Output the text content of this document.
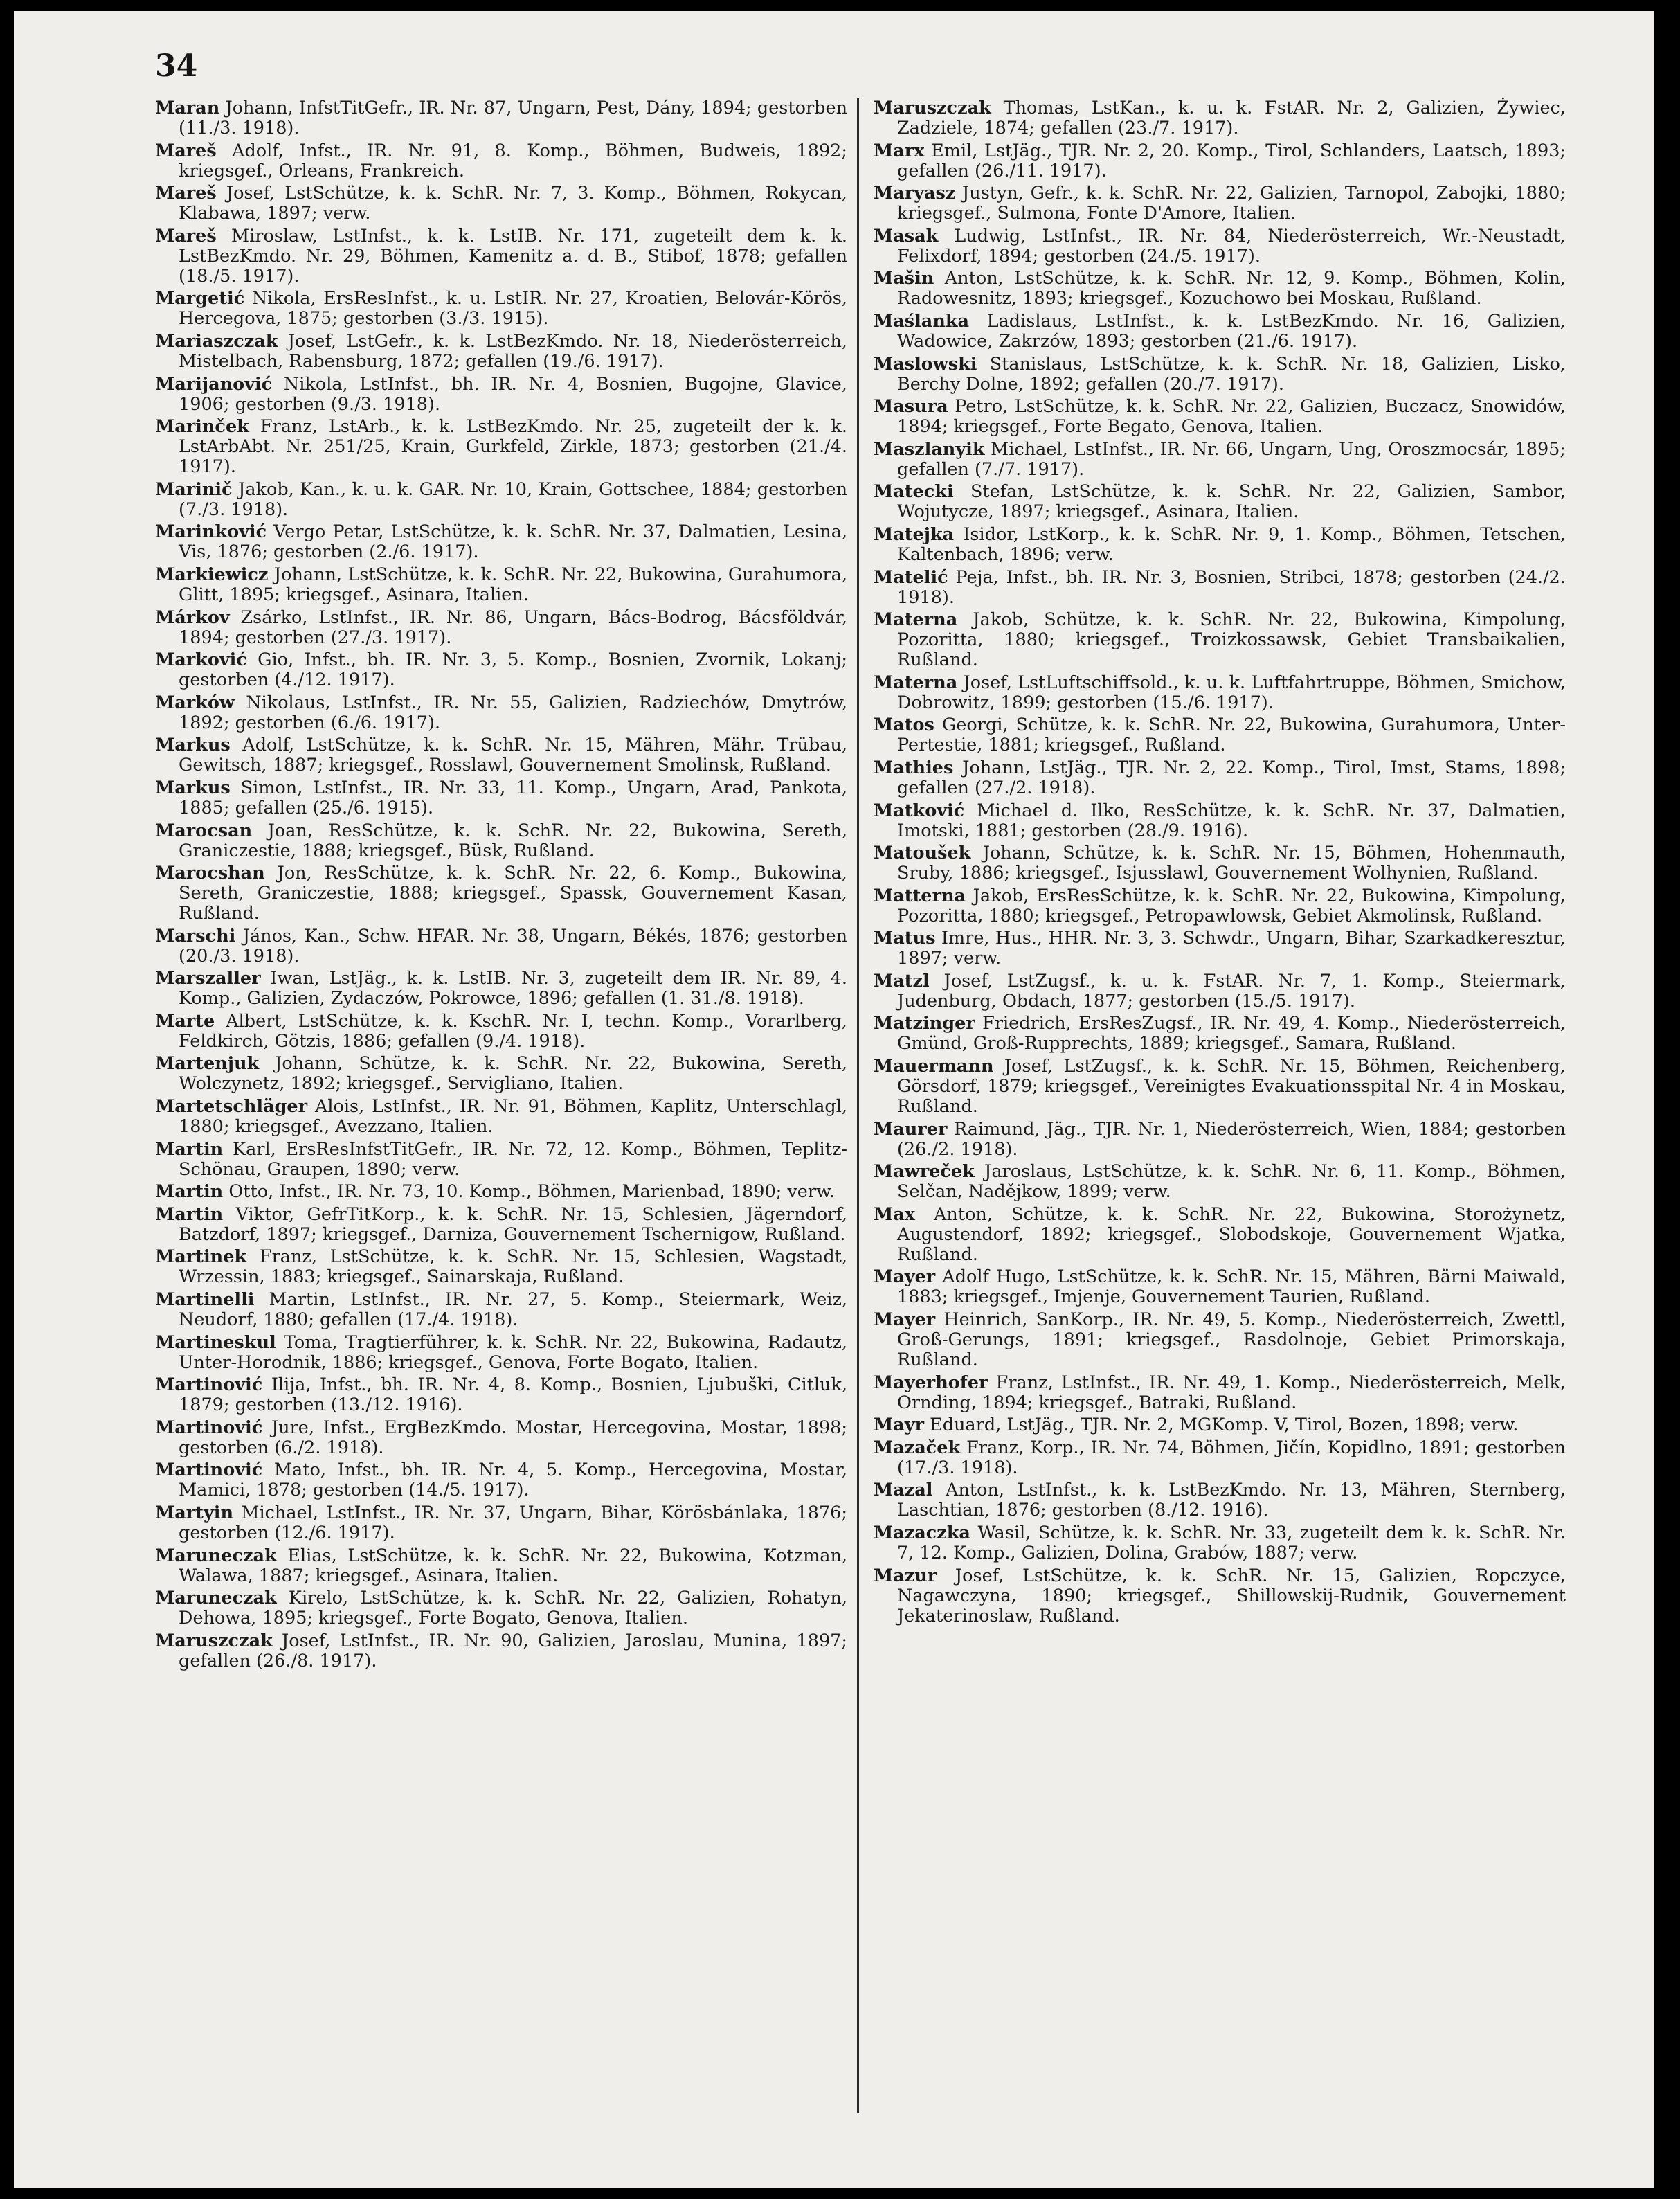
34

Maran Johann, InfstTitGefr., IR. Nr. 87, Ungarn, Pest, Dány, 1894; gestorben (11./3. 1918).

Mareš Adolf, Infst., IR. Nr. 91, 8. Komp., Böhmen, Budweis, 1892; kriegsgef., Orleans, Frankreich.

Mareš Josef, LstSchütze, k. k. SchR. Nr. 7, 3. Komp., Böhmen, Rokycan, Klabawa, 1897; verw.

Mareš Miroslaw, LstInfst., k. k. LstIB. Nr. 171, zugeteilt dem k. k. LstBezKmdo. Nr. 29, Böhmen, Kamenitz a. d. B., Stibof, 1878; gefallen (18./5. 1917).

Margetić Nikola, ErsResInfst., k. u. LstIR. Nr. 27, Kroatien, Belovár-Körös, Hercegova, 1875; gestorben (3./3. 1915).

Mariaszczak Josef, LstGefr., k. k. LstBezKmdo. Nr. 18, Niederösterreich, Mistelbach, Rabensburg, 1872; gefallen (19./6. 1917).

Marijanović Nikola, LstInfst., bh. IR. Nr. 4, Bosnien, Bugojne, Glavice, 1906; gestorben (9./3. 1918).

Marinček Franz, LstArb., k. k. LstBezKmdo. Nr. 25, zugeteilt der k. k. LstArbAbt. Nr. 251/25, Krain, Gurkfeld, Zirkle, 1873; gestorben (21./4. 1917).

Marinič Jakob, Kan., k. u. k. GAR. Nr. 10, Krain, Gottschee, 1884; gestorben (7./3. 1918).

Marinković Vergo Petar, LstSchütze, k. k. SchR. Nr. 37, Dalmatien, Lesina, Vis, 1876; gestorben (2./6. 1917).

Markiewicz Johann, LstSchütze, k. k. SchR. Nr. 22, Bukowina, Gurahumora, Glitt, 1895; kriegsgef., Asinara, Italien.

Márkov Zsárko, LstInfst., IR. Nr. 86, Ungarn, Bács-Bodrog, Bácsföldvár, 1894; gestorben (27./3. 1917).

Marković Gio, Infst., bh. IR. Nr. 3, 5. Komp., Bosnien, Zvornik, Lokanj; gestorben (4./12. 1917).

Marków Nikolaus, LstInfst., IR. Nr. 55, Galizien, Radziechów, Dmytrów, 1892; gestorben (6./6. 1917).

Markus Adolf, LstSchütze, k. k. SchR. Nr. 15, Mähren, Mähr. Trübau, Gewitsch, 1887; kriegsgef., Rosslawl, Gouvernement Smolinsk, Rußland.

Markus Simon, LstInfst., IR. Nr. 33, 11. Komp., Ungarn, Arad, Pankota, 1885; gefallen (25./6. 1915).

Marocsan Joan, ResSchütze, k. k. SchR. Nr. 22, Bukowina, Sereth, Graniczestie, 1888; kriegsgef., Büsk, Rußland.

Marocshan Jon, ResSchütze, k. k. SchR. Nr. 22, 6. Komp., Bukowina, Sereth, Graniczestie, 1888; kriegsgef., Spassk, Gouvernement Kasan, Rußland.

Marschi János, Kan., Schw. HFAR. Nr. 38, Ungarn, Békés, 1876; gestorben (20./3. 1918).

Marszaller Iwan, LstJäg., k. k. LstIB. Nr. 3, zugeteilt dem IR. Nr. 89, 4. Komp., Galizien, Zydaczów, Pokrowce, 1896; gefallen (1. 31./8. 1918).

Marte Albert, LstSchütze, k. k. KschR. Nr. I, techn. Komp., Vorarlberg, Feldkirch, Götzis, 1886; gefallen (9./4. 1918).

Martenjuk Johann, Schütze, k. k. SchR. Nr. 22, Bukowina, Sereth, Wolczynetz, 1892; kriegsgef., Servigliano, Italien.

Martetschläger Alois, LstInfst., IR. Nr. 91, Böhmen, Kaplitz, Unterschlagl, 1880; kriegsgef., Avezzano, Italien.

Martin Karl, ErsResInfstTitGefr., IR. Nr. 72, 12. Komp., Böhmen, Teplitz-Schönau, Graupen, 1890; verw.

Martin Otto, Infst., IR. Nr. 73, 10. Komp., Böhmen, Marienbad, 1890; verw.

Martin Viktor, GefrTitKorp., k. k. SchR. Nr. 15, Schlesien, Jägerndorf, Batzdorf, 1897; kriegsgef., Darniza, Gouvernement Tschernigow, Rußland.

Martinek Franz, LstSchütze, k. k. SchR. Nr. 15, Schlesien, Wagstadt, Wrzessin, 1883; kriegsgef., Sainarskaja, Rußland.

Martinelli Martin, LstInfst., IR. Nr. 27, 5. Komp., Steiermark, Weiz, Neudorf, 1880; gefallen (17./4. 1918).

Martineskul Toma, Tragtierführer, k. k. SchR. Nr. 22, Bukowina, Radautz, Unter-Horodnik, 1886; kriegsgef., Genova, Forte Bogato, Italien.

Martinović Ilija, Infst., bh. IR. Nr. 4, 8. Komp., Bosnien, Ljubuški, Citluk, 1879; gestorben (13./12. 1916).

Martinović Jure, Infst., ErgBezKmdo. Mostar, Hercegovina, Mostar, 1898; gestorben (6./2. 1918).

Martinović Mato, Infst., bh. IR. Nr. 4, 5. Komp., Hercegovina, Mostar, Mamici, 1878; gestorben (14./5. 1917).

Martyin Michael, LstInfst., IR. Nr. 37, Ungarn, Bihar, Körösbánlaka, 1876; gestorben (12./6. 1917).

Maruneczak Elias, LstSchütze, k. k. SchR. Nr. 22, Bukowina, Kotzman, Walawa, 1887; kriegsgef., Asinara, Italien.

Maruneczak Kirelo, LstSchütze, k. k. SchR. Nr. 22, Galizien, Rohatyn, Dehowa, 1895; kriegsgef., Forte Bogato, Genova, Italien.

Maruszczak Josef, LstInfst., IR. Nr. 90, Galizien, Jaroslau, Munina, 1897; gefallen (26./8. 1917).

Maruszczak Thomas, LstKan., k. u. k. FstAR. Nr. 2, Galizien, Żywiec, Zadziele, 1874; gefallen (23./7. 1917).

Marx Emil, LstJäg., TJR. Nr. 2, 20. Komp., Tirol, Schlanders, Laatsch, 1893; gefallen (26./11. 1917).

Maryasz Justyn, Gefr., k. k. SchR. Nr. 22, Galizien, Tarnopol, Zabojki, 1880; kriegsgef., Sulmona, Fonte D'Amore, Italien.

Masak Ludwig, LstInfst., IR. Nr. 84, Niederösterreich, Wr.-Neustadt, Felixdorf, 1894; gestorben (24./5. 1917).

Mašin Anton, LstSchütze, k. k. SchR. Nr. 12, 9. Komp., Böhmen, Kolin, Radowesnitz, 1893; kriegsgef., Kozuchowo bei Moskau, Rußland.

Maślanka Ladislaus, LstInfst., k. k. LstBezKmdo. Nr. 16, Galizien, Wadowice, Zakrzów, 1893; gestorben (21./6. 1917).

Maslowski Stanislaus, LstSchütze, k. k. SchR. Nr. 18, Galizien, Lisko, Berchy Dolne, 1892; gefallen (20./7. 1917).

Masura Petro, LstSchütze, k. k. SchR. Nr. 22, Galizien, Buczacz, Snowidów, 1894; kriegsgef., Forte Begato, Genova, Italien.

Maszlanyik Michael, LstInfst., IR. Nr. 66, Ungarn, Ung, Oroszmocsár, 1895; gefallen (7./7. 1917).

Matecki Stefan, LstSchütze, k. k. SchR. Nr. 22, Galizien, Sambor, Wojutycze, 1897; kriegsgef., Asinara, Italien.

Matejka Isidor, LstKorp., k. k. SchR. Nr. 9, 1. Komp., Böhmen, Tetschen, Kaltenbach, 1896; verw.

Matelić Peja, Infst., bh. IR. Nr. 3, Bosnien, Stribci, 1878; gestorben (24./2. 1918).

Materna Jakob, Schütze, k. k. SchR. Nr. 22, Bukowina, Kimpolung, Pozoritta, 1880; kriegsgef., Troizkossawsk, Gebiet Transbaikalien, Rußland.

Materna Josef, LstLuftschiffsold., k. u. k. Luftfahrtruppe, Böhmen, Smichow, Dobrowitz, 1899; gestorben (15./6. 1917).

Matos Georgi, Schütze, k. k. SchR. Nr. 22, Bukowina, Gurahumora, Unter-Pertestie, 1881; kriegsgef., Rußland.

Mathies Johann, LstJäg., TJR. Nr. 2, 22. Komp., Tirol, Imst, Stams, 1898; gefallen (27./2. 1918).

Matković Michael d. Ilko, ResSchütze, k. k. SchR. Nr. 37, Dalmatien, Imotski, 1881; gestorben (28./9. 1916).

Matoušek Johann, Schütze, k. k. SchR. Nr. 15, Böhmen, Hohenmauth, Sruby, 1886; kriegsgef., Isjusslawl, Gouvernement Wolhynien, Rußland.

Matterna Jakob, ErsResSchütze, k. k. SchR. Nr. 22, Bukowina, Kimpolung, Pozoritta, 1880; kriegsgef., Petropawlowsk, Gebiet Akmolinsk, Rußland.

Matus Imre, Hus., HHR. Nr. 3, 3. Schwdr., Ungarn, Bihar, Szarkadkeresztur, 1897; verw.

Matzl Josef, LstZugsf., k. u. k. FstAR. Nr. 7, 1. Komp., Steiermark, Judenburg, Obdach, 1877; gestorben (15./5. 1917).

Matzinger Friedrich, ErsResZugsf., IR. Nr. 49, 4. Komp., Niederösterreich, Gmünd, Groß-Rupprechts, 1889; kriegsgef., Samara, Rußland.

Mauermann Josef, LstZugsf., k. k. SchR. Nr. 15, Böhmen, Reichenberg, Görsdorf, 1879; kriegsgef., Vereinigtes Evakuationsspital Nr. 4 in Moskau, Rußland.

Maurer Raimund, Jäg., TJR. Nr. 1, Niederösterreich, Wien, 1884; gestorben (26./2. 1918).

Mawreček Jaroslaus, LstSchütze, k. k. SchR. Nr. 6, 11. Komp., Böhmen, Selčan, Nadějkow, 1899; verw.

Max Anton, Schütze, k. k. SchR. Nr. 22, Bukowina, Storożynetz, Augustendorf, 1892; kriegsgef., Slobodskoje, Gouvernement Wjatka, Rußland.

Mayer Adolf Hugo, LstSchütze, k. k. SchR. Nr. 15, Mähren, Bärni Maiwald, 1883; kriegsgef., Imjenje, Gouvernement Taurien, Rußland.

Mayer Heinrich, SanKorp., IR. Nr. 49, 5. Komp., Niederösterreich, Zwettl, Groß-Gerungs, 1891; kriegsgef., Rasdolnoje, Gebiet Primorskaja, Rußland.

Mayerhofer Franz, LstInfst., IR. Nr. 49, 1. Komp., Niederösterreich, Melk, Ornding, 1894; kriegsgef., Batraki, Rußland.

Mayr Eduard, LstJäg., TJR. Nr. 2, MGKomp. V, Tirol, Bozen, 1898; verw.

Mazaček Franz, Korp., IR. Nr. 74, Böhmen, Jičín, Kopidlno, 1891; gestorben (17./3. 1918).

Mazal Anton, LstInfst., k. k. LstBezKmdo. Nr. 13, Mähren, Sternberg, Laschtian, 1876; gestorben (8./12. 1916).

Mazaczka Wasil, Schütze, k. k. SchR. Nr. 33, zugeteilt dem k. k. SchR. Nr. 7, 12. Komp., Galizien, Dolina, Grabów, 1887; verw.

Mazur Josef, LstSchütze, k. k. SchR. Nr. 15, Galizien, Ropczyce, Nagawczyna, 1890; kriegsgef., Shillowskij-Rudnik, Gouvernement Jekaterinoslaw, Rußland.
